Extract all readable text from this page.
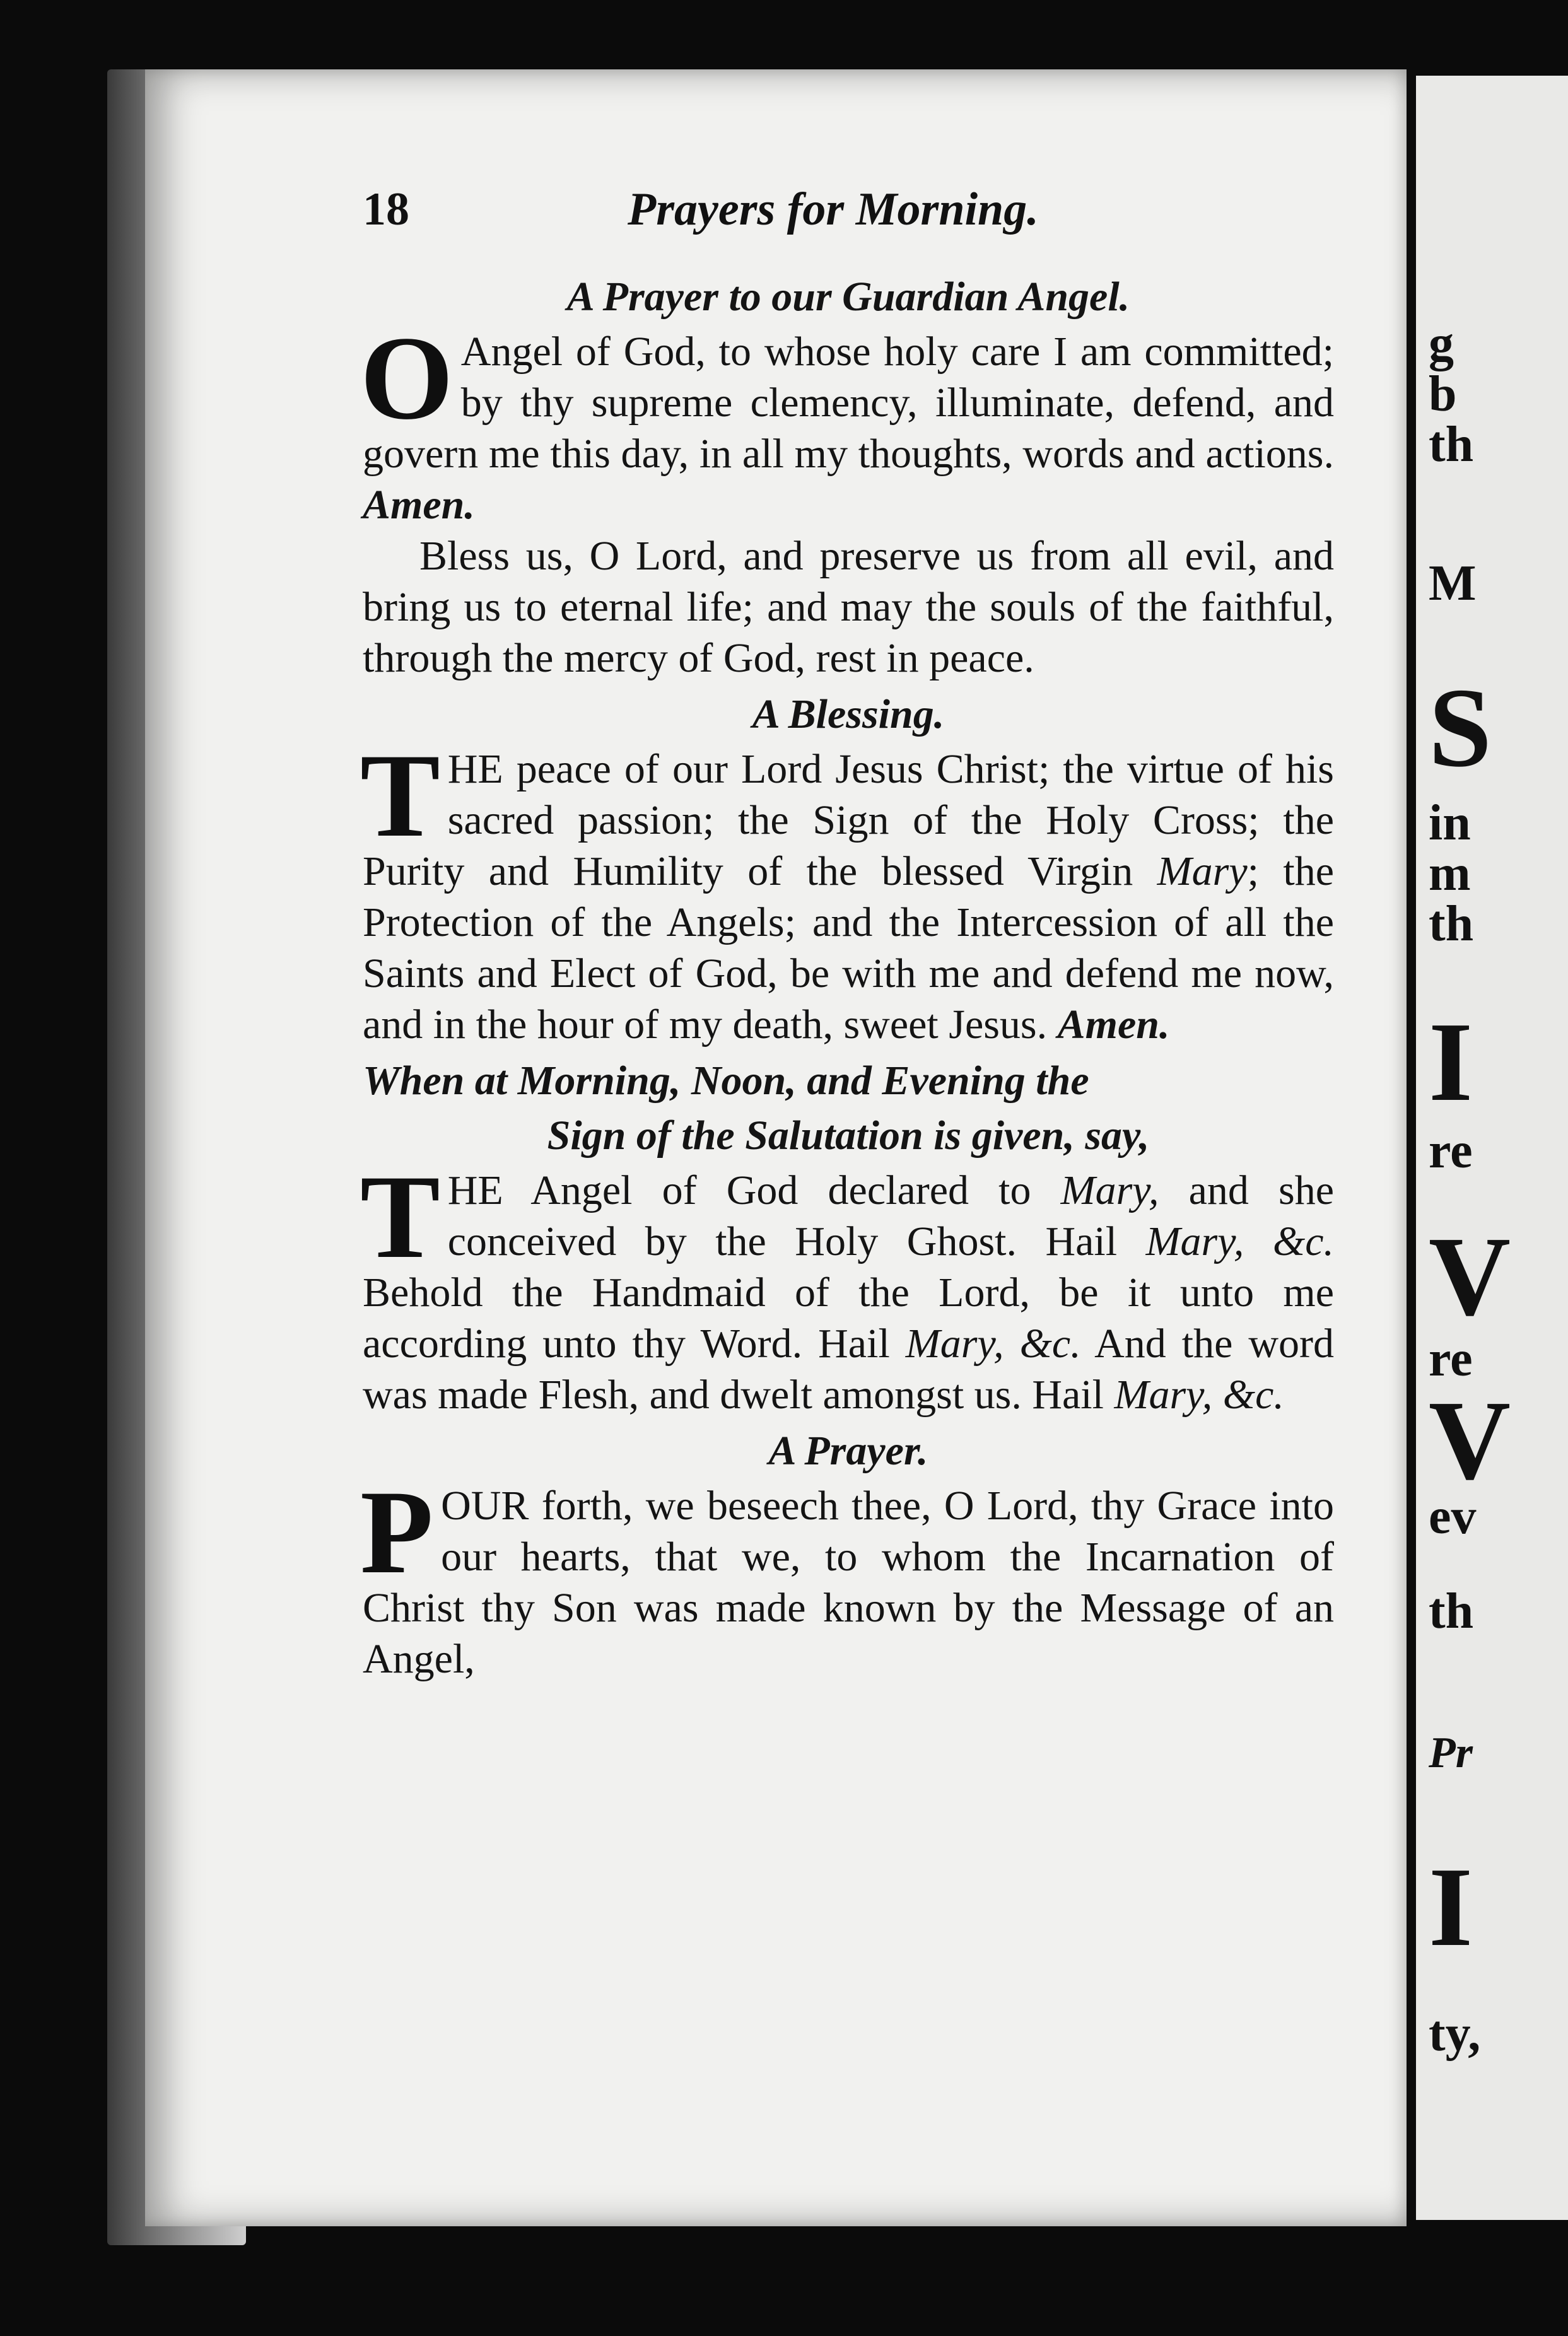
g
b
th
M
S
in
m
th
I
re
V
re
V
ev
th
Pr
I
ty,
18	Prayers for Morning.
A Prayer to our Guardian Angel.

O Angel of God, to whose holy care I am committed; by thy supreme clemency, illuminate, defend, and govern me this day, in all my thoughts, words and actions. Amen.

Bless us, O Lord, and preserve us from all evil, and bring us to eternal life; and may the souls of the faithful, through the mercy of God, rest in peace.

A Blessing.

T HE peace of our Lord Jesus Christ; the virtue of his sacred passion; the Sign of the Holy Cross; the Purity and Humility of the blessed Virgin Mary; the Protection of the Angels; and the Intercession of all the Saints and Elect of God, be with me and defend me now, and in the hour of my death, sweet Jesus. Amen.

When at Morning, Noon, and Evening the
Sign of the Salutation is given, say,

T HE Angel of God declared to Mary, and she conceived by the Holy Ghost. Hail Mary, &c. Behold the Handmaid of the Lord, be it unto me according unto thy Word. Hail Mary, &c. And the word was made Flesh, and dwelt amongst us. Hail Mary, &c.

A Prayer.

P OUR forth, we beseech thee, O Lord, thy Grace into our hearts, that we, to whom the Incarnation of Christ thy Son was made known by the Message of an Angel,
